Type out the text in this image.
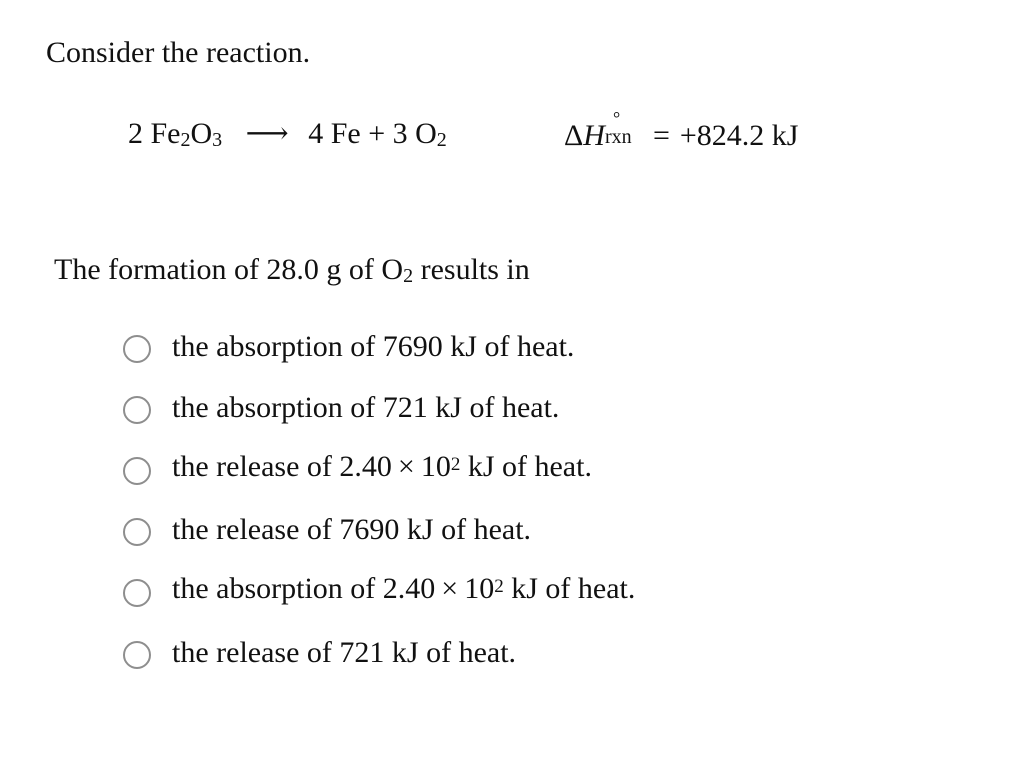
Consider the reaction.
2 $Fe_2O_3$ ⟶ 4 Fe + 3 $O_2$	ΔH
°
rxn = +824.2 kJ
The formation of 28.0 g of $O_2$ results in
the absorption of 7690 kJ of heat.
the absorption of 721 kJ of heat.
the release of $2.40 \times 10^2$ kJ of heat.
the release of 7690 kJ of heat.
the absorption of $2.40 \times 10^2$ kJ of heat.
the release of 721 kJ of heat.
